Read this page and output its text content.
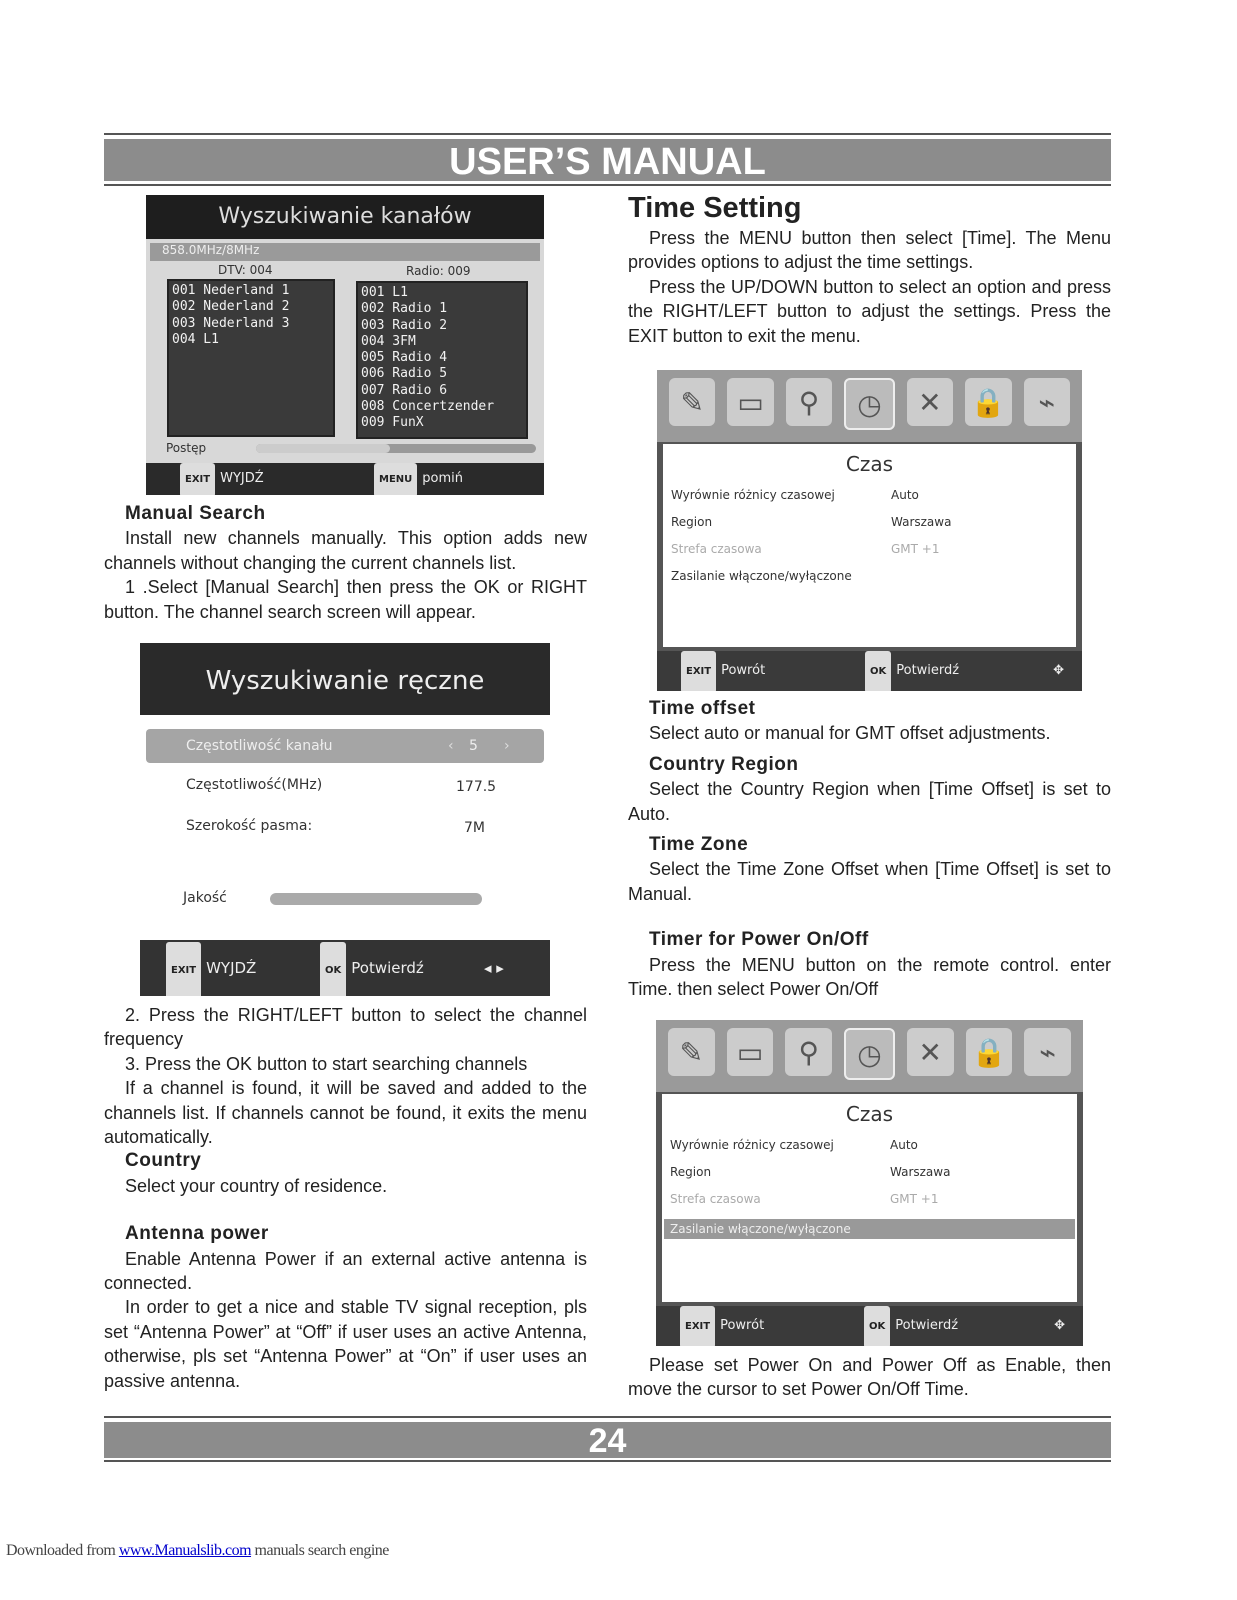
USER’S MANUAL
Wyszukiwanie kanałów
858.0MHz/8MHz
DTV: 004	Radio: 009
001 Nederland 1
002 Nederland 2
003 Nederland 3
004 L1
001 L1
002 Radio 1
003 Radio 2
004 3FM
005 Radio 4
006 Radio 5
007 Radio 6
008 Concertzender
009 FunX
Postęp
EXIT WYJDŹ	MENU pomiń

Manual Search

Install new channels manually. This option adds new channels without changing the current channels list.

1 .Select [Manual Search] then press the OK or RIGHT button. The channel search screen will appear.

Wyszukiwanie ręczne
Częstotliwość kanału	‹ 5 ›
Częstotliwość(MHz)	177.5
Szerokość pasma:	7M
Jakość
EXIT WYJDŹ	OK Potwierdź	◂ ▸

2. Press the RIGHT/LEFT button to select the channel frequency

3. Press the OK button to start searching channels

If a channel is found, it will be saved and added to the channels list. If channels cannot be found, it exits the menu automatically.

Country

Select your country of residence.

Antenna power

Enable Antenna Power if an external active antenna is connected.

In order to get a nice and stable TV signal reception, pls set “Antenna Power” at “Off” if user uses an active Antenna, otherwise, pls set “Antenna Power” at “On” if user uses an passive antenna.

Time Setting

Press the MENU button then select [Time]. The Menu provides options to adjust the time settings.

Press the UP/DOWN button to select an option and press the RIGHT/LEFT button to adjust the settings. Press the EXIT button to exit the menu.

✎	▭	⚲	◷	✕	🔒	⌁
Czas
Wyrównie różnicy czasowej	Auto
Region	Warszawa
Strefa czasowa	GMT +1
Zasilanie włączone/wyłączone
EXIT Powrót	OK Potwierdź	✥

Time offset

Select auto or manual for GMT offset adjustments.

Country Region

Select the Country Region when [Time Offset] is set to Auto.

Time Zone

Select the Time Zone Offset when [Time Offset] is set to Manual.

Timer for Power On/Off

Press the MENU button on the remote control. enter Time. then select Power On/Off

✎	▭	⚲	◷	✕	🔒	⌁
Czas
Wyrównie różnicy czasowej	Auto
Region	Warszawa
Strefa czasowa	GMT +1
Zasilanie włączone/wyłączone
EXIT Powrót	OK Potwierdź	✥

Please set Power On and Power Off as Enable, then move the cursor to set Power On/Off Time.

24
Downloaded from www.Manualslib.com manuals search engine
